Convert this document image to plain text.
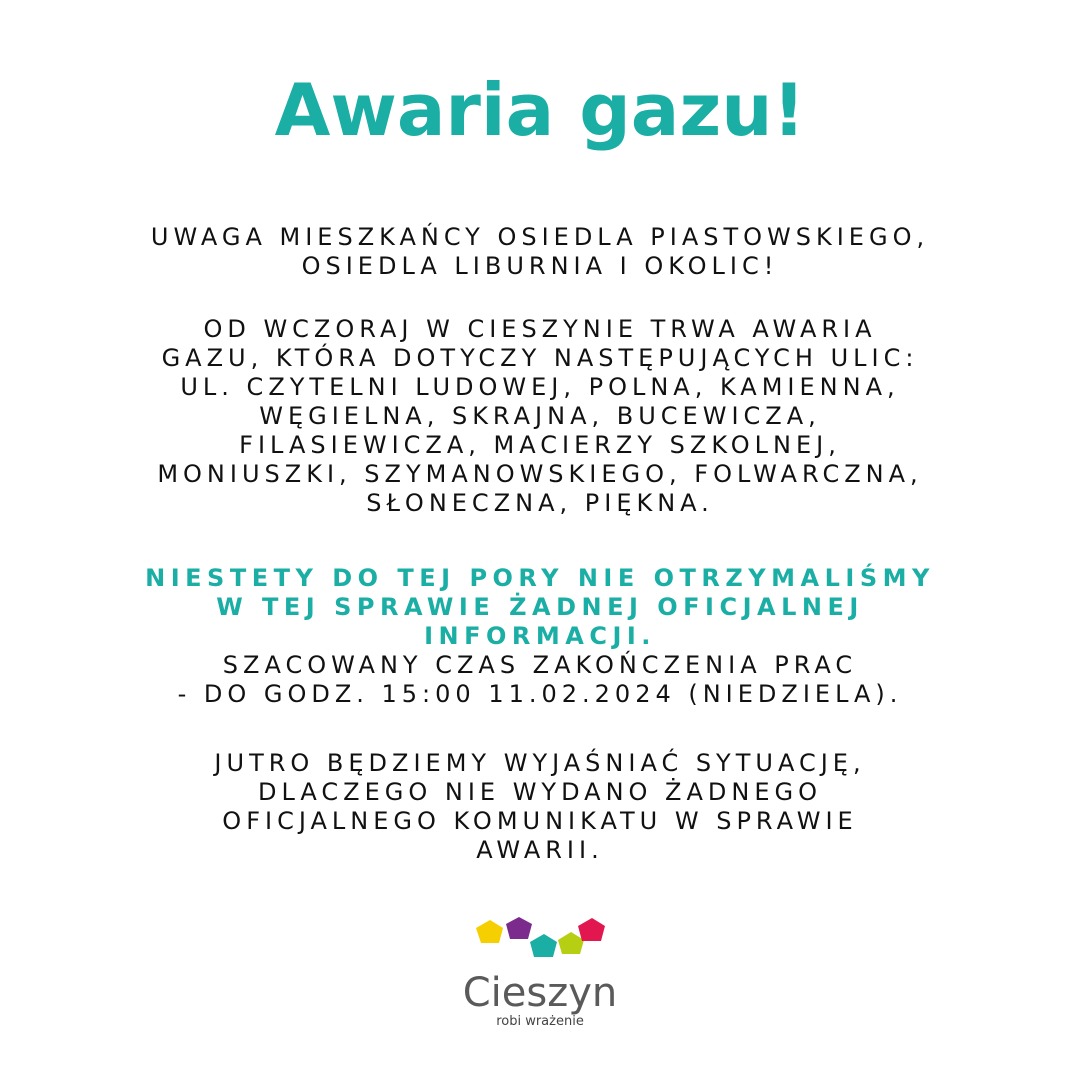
Awaria gazu!
UWAGA MIESZKAŃCY OSIEDLA PIASTOWSKIEGO,
OSIEDLA LIBURNIA I OKOLIC!
OD WCZORAJ W CIESZYNIE TRWA AWARIA
GAZU, KTÓRA DOTYCZY NASTĘPUJĄCYCH ULIC:
UL. CZYTELNI LUDOWEJ, POLNA, KAMIENNA,
WĘGIELNA, SKRAJNA, BUCEWICZA,
FILASIEWICZA, MACIERZY SZKOLNEJ,
MONIUSZKI, SZYMANOWSKIEGO, FOLWARCZNA,
SŁONECZNA, PIĘKNA.
NIESTETY DO TEJ PORY NIE OTRZYMALIŚMY
W TEJ SPRAWIE ŻADNEJ OFICJALNEJ
INFORMACJI.
SZACOWANY CZAS ZAKOŃCZENIA PRAC
- DO GODZ. 15:00 11.02.2024 (NIEDZIELA).
JUTRO BĘDZIEMY WYJAŚNIAĆ SYTUACJĘ,
DLACZEGO NIE WYDANO ŻADNEGO
OFICJALNEGO KOMUNIKATU W SPRAWIE
AWARII.
Cieszyn
robi wrażenie
